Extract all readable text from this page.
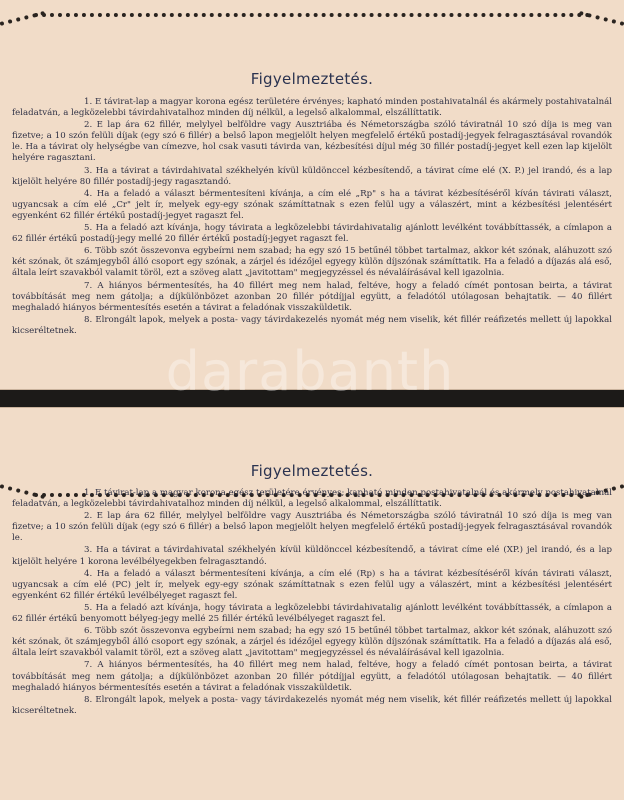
Figyelmeztetés.

1. E távirat-lap a magyar korona egész területére érvényes; kapható minden postahivatalnál és akármely postahivatalnál feladatván, a legközelebbi távirdahivatalhoz minden díj nélkül, a legelső alkalommal, elszállíttatik.

2. E lap ára 62 fillér, melylyel belföldre vagy Ausztriába és Németországba szóló táviratnál 10 szó díja is meg van fizetve; a 10 szón felüli díjak (egy szó 6 fillér) a belső lapon megjelölt helyen megfelelő értékű postadíj-jegyek felragasztásával rovandók le. Ha a távirat oly helységbe van címezve, hol csak vasuti távirda van, kézbesítési díjul még 30 fillér postadíj-jegyet kell ezen lap kijelölt helyére ragasztani.

3. Ha a távirat a távirdahivatal székhelyén kívül küldönccel kézbesítendő, a távirat címe elé (X. P.) jel irandó, és a lap kijelölt helyére 80 fillér postadíj-jegy ragasztandó.

4. Ha a feladó a választ bérmentesíteni kívánja, a cím elé „Rp" s ha a távirat kézbesítéséről kíván távirati választ, ugyancsak a cím elé „Cr" jelt ír, melyek egy-egy szónak számíttatnak s ezen felül ugy a válaszért, mint a kézbesítési jelentésért egyenként 62 fillér értékű postadíj-jegyet ragaszt fel.

5. Ha a feladó azt kívánja, hogy távirata a legközelebbi távirdahivatalig ajánlott levélként továbbíttassék, a címlapon a 62 fillér értékű postadíj-jegy mellé 20 fillér értékű postadíj-jegyet ragaszt fel.

6. Több szót összevonva egybeírni nem szabad; ha egy szó 15 betűnél többet tartalmaz, akkor két szónak, aláhuzott szó két szónak, öt számjegyből álló csoport egy szónak, a zárjel és idézőjel egyegy külön díjszónak számíttatik. Ha a feladó a díjazás alá eső, általa leírt szavakból valamit töröl, ezt a szöveg alatt „javitottam" megjegyzéssel és névaláírásával kell igazolnia.

7. A hiányos bérmentesítés, ha 40 fillért meg nem halad, feltéve, hogy a feladó címét pontosan beirta, a távirat továbbítását meg nem gátolja; a díjkülönbözet azonban 20 fillér pótdíjjal együtt, a feladótól utólagosan behajtatik. — 40 fillért meghaladó hiányos bérmentesítés esetén a távirat a feladónak visszaküldetik.

8. Elrongált lapok, melyek a posta- vagy távirdakezelés nyomát még nem viselik, két fillér reáfizetés mellett új lapokkal kicseréltetnek.

Figyelmeztetés.

1. E távirat-lap a magyar korona egész területére érvényes; kapható minden postahivatalnál és akármely postahivatalnál feladatván, a legközelebbi távirdahivatalhoz minden díj nélkül, a legelső alkalommal, elszállíttatik.

2. E lap ára 62 fillér, melylyel belföldre vagy Ausztriába és Németországba szóló táviratnál 10 szó díja is meg van fizetve; a 10 szón felüli díjak (egy szó 6 fillér) a belső lapon megjelölt helyen megfelelő értékű postadíj-jegyek felragasztásával rovandók le.

3. Ha a távirat a távirdahivatal székhelyén kívül küldönccel kézbesítendő, a távirat címe elé (XP.) jel irandó, és a lap kijelölt helyére 1 korona levélbélyegekben felragasztandó.

4. Ha a feladó a választ bérmentesíteni kívánja, a cím elé (Rp) s ha a távirat kézbesítéséről kíván távirati választ, ugyancsak a cím elé (PC) jelt ír, melyek egy-egy szónak számíttatnak s ezen felül ugy a válaszért, mint a kézbesítési jelentésért egyenként 62 fillér értékű levélbélyeget ragaszt fel.

5. Ha a feladó azt kívánja, hogy távirata a legközelebbi távirdahivatalig ajánlott levélként továbbíttassék, a címlapon a 62 fillér értékű benyomott bélyeg-jegy mellé 25 fillér értékű levélbélyeget ragaszt fel.

6. Több szót összevonva egybeírni nem szabad; ha egy szó 15 betűnél többet tartalmaz, akkor két szónak, aláhuzott szó két szónak, öt számjegyből álló csoport egy szónak, a zárjel és idézőjel egyegy külön díjszónak számíttatik. Ha a feladó a díjazás alá eső, általa leírt szavakból valamit töröl, ezt a szöveg alatt „javitottam" megjegyzéssel és névaláírásával kell igazolnia.

7. A hiányos bérmentesítés, ha 40 fillért meg nem halad, feltéve, hogy a feladó címét pontosan beirta, a távirat továbbítását meg nem gátolja; a díjkülönbözet azonban 20 fillér pótdíjjal együtt, a feladótól utólagosan behajtatik. — 40 fillért meghaladó hiányos bérmentesítés esetén a távirat a feladónak visszaküldetik.

8. Elrongált lapok, melyek a posta- vagy távirdakezelés nyomát még nem viselik, két fillér reáfizetés mellett új lapokkal kicseréltetnek.

darabanth
